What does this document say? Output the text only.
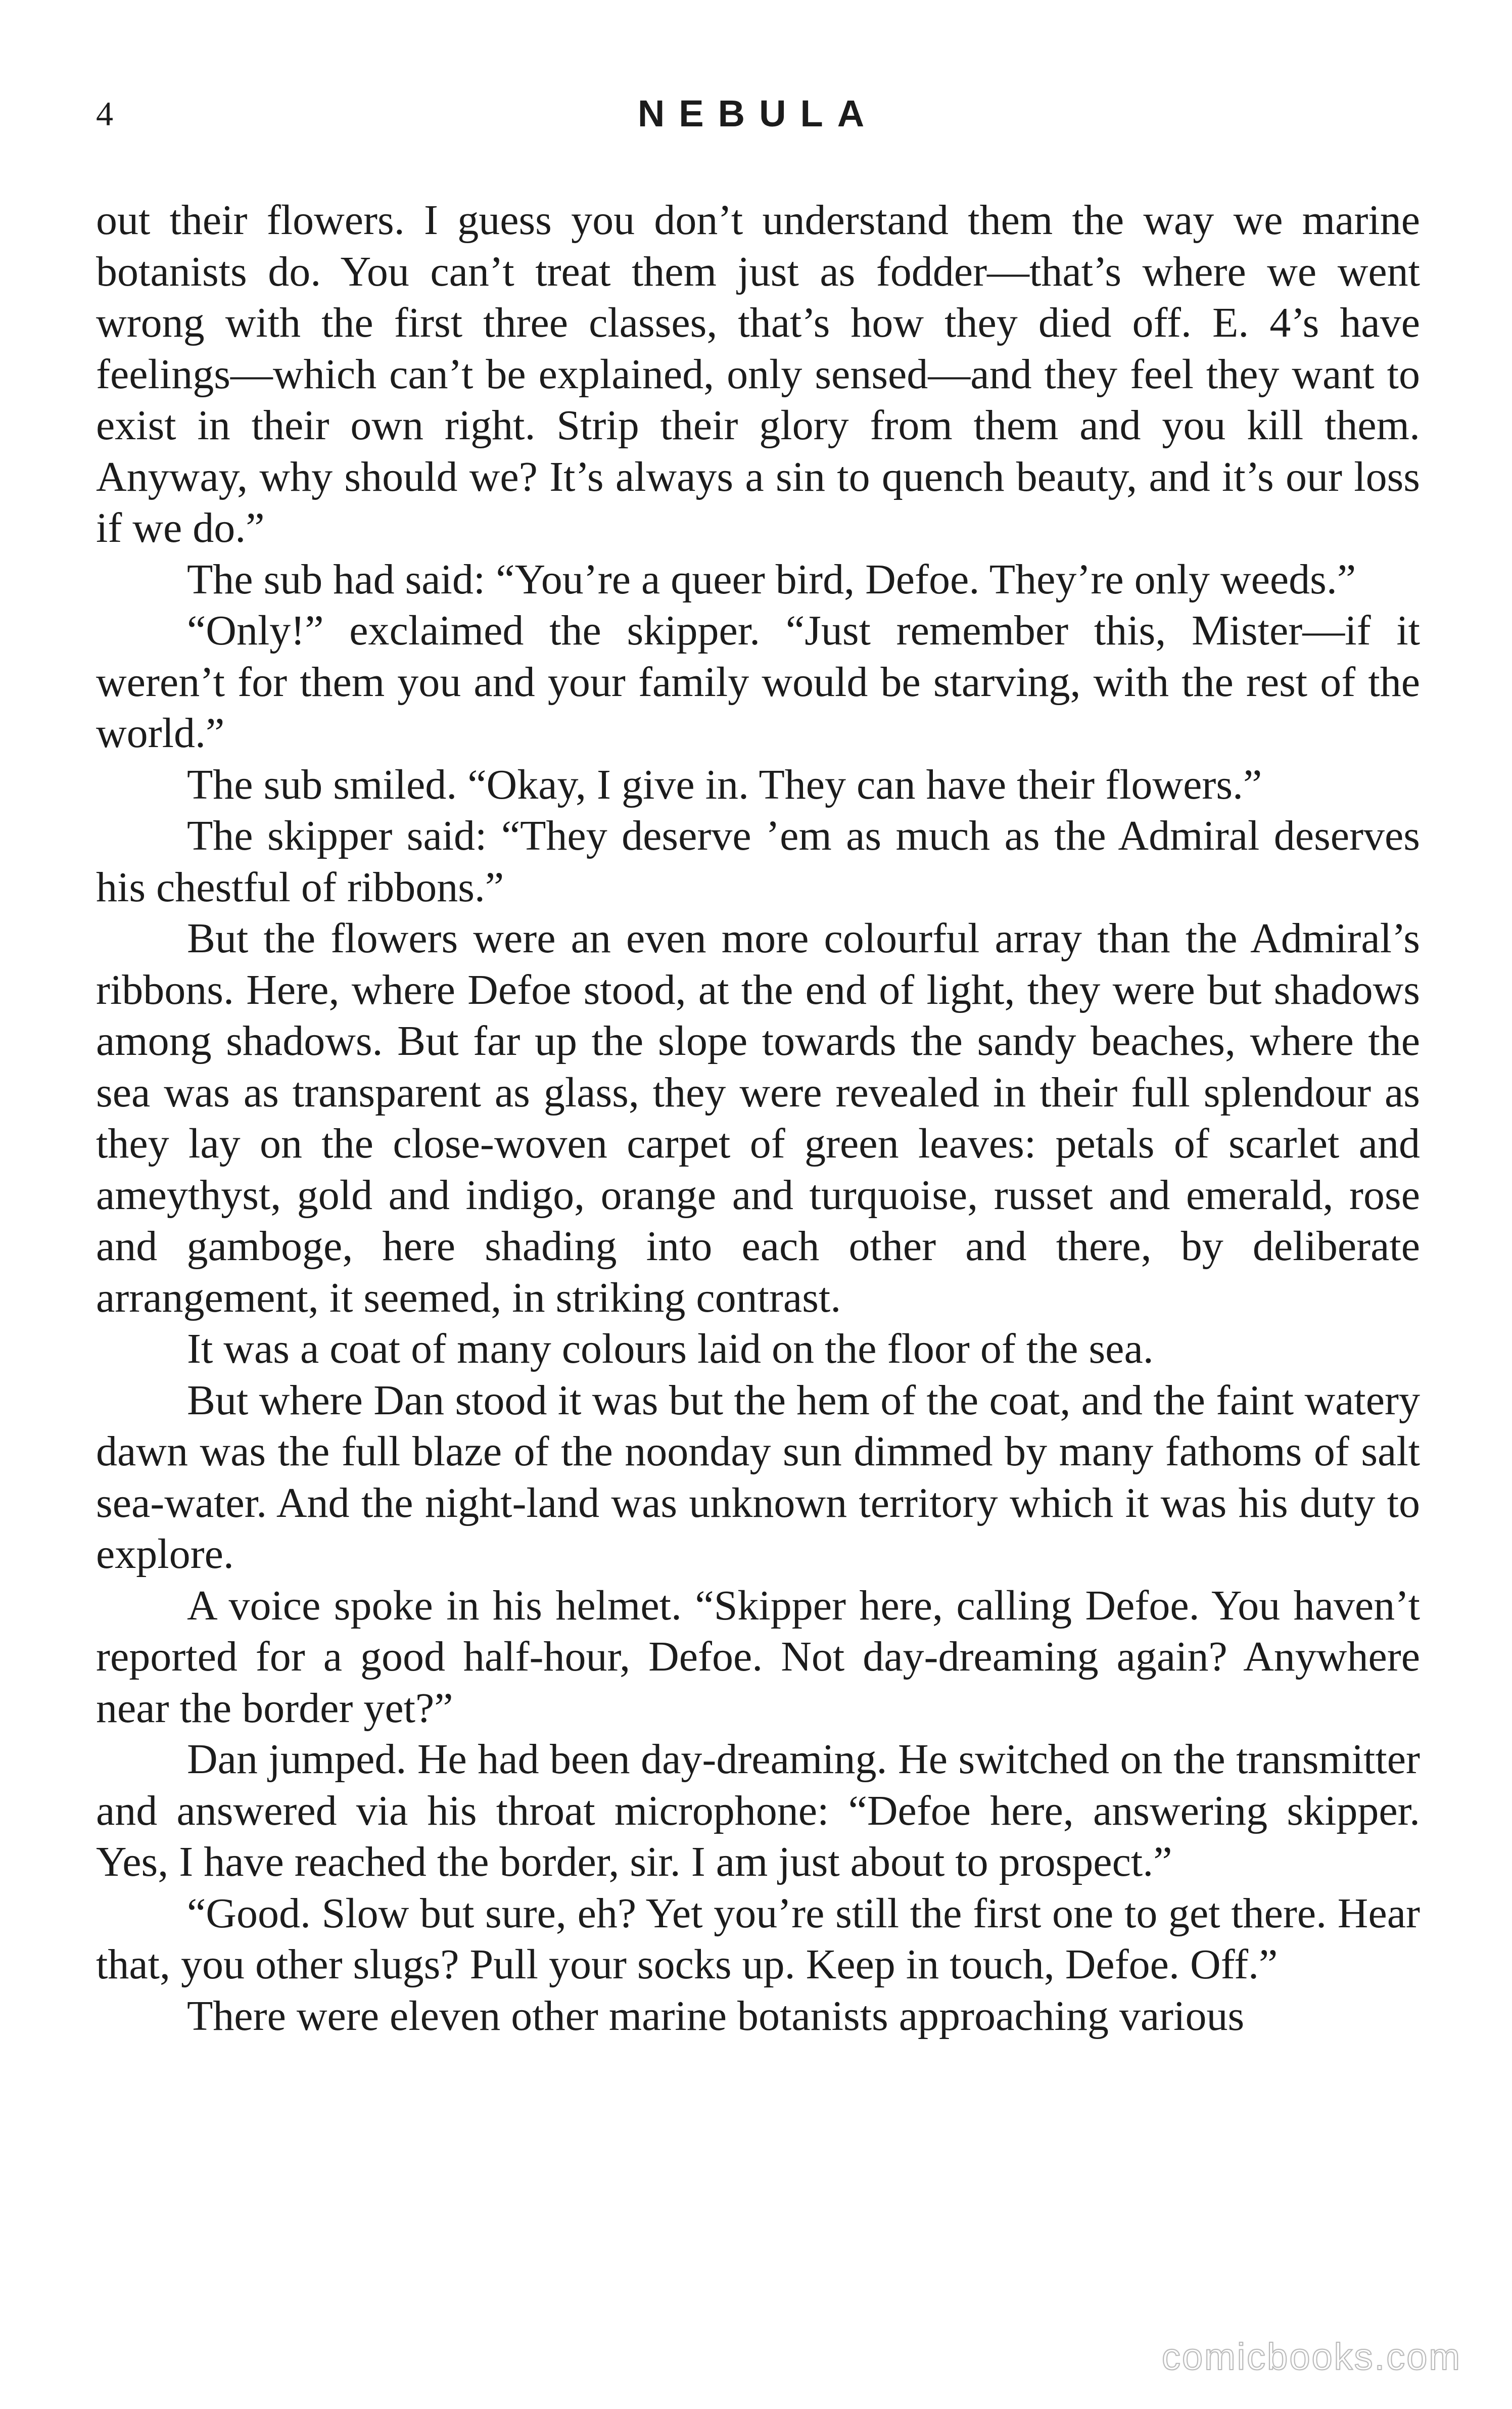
4	NEBULA

out their flowers. I guess you don’t understand them the way we marine botanists do. You can’t treat them just as fodder—that’s where we went wrong with the first three classes, that’s how they died off. E. 4’s have feelings—which can’t be explained, only sensed—and they feel they want to exist in their own right. Strip their glory from them and you kill them. Anyway, why should we? It’s always a sin to quench beauty, and it’s our loss if we do.”

The sub had said: “You’re a queer bird, Defoe. They’re only weeds.”

“Only!” exclaimed the skipper. “Just remember this, Mister—if it weren’t for them you and your family would be starving, with the rest of the world.”

The sub smiled. “Okay, I give in. They can have their flowers.”

The skipper said: “They deserve ’em as much as the Admiral deserves his chestful of ribbons.”

But the flowers were an even more colourful array than the Admiral’s ribbons. Here, where Defoe stood, at the end of light, they were but shadows among shadows. But far up the slope towards the sandy beaches, where the sea was as transparent as glass, they were revealed in their full splendour as they lay on the close-woven carpet of green leaves: petals of scarlet and ameythyst, gold and indigo, orange and turquoise, russet and emerald, rose and gamboge, here shading into each other and there, by deliberate arrangement, it seemed, in striking contrast.

It was a coat of many colours laid on the floor of the sea.

But where Dan stood it was but the hem of the coat, and the faint watery dawn was the full blaze of the noonday sun dimmed by many fathoms of salt sea-water. And the night-land was unknown territory which it was his duty to explore.

A voice spoke in his helmet. “Skipper here, calling Defoe. You haven’t reported for a good half-hour, Defoe. Not day-dreaming again? Anywhere near the border yet?”

Dan jumped. He had been day-dreaming. He switched on the transmitter and answered via his throat microphone: “Defoe here, answering skipper. Yes, I have reached the border, sir. I am just about to prospect.”

“Good. Slow but sure, eh? Yet you’re still the first one to get there. Hear that, you other slugs? Pull your socks up. Keep in touch, Defoe. Off.”

There were eleven other marine botanists approaching various

comicbooks.com
